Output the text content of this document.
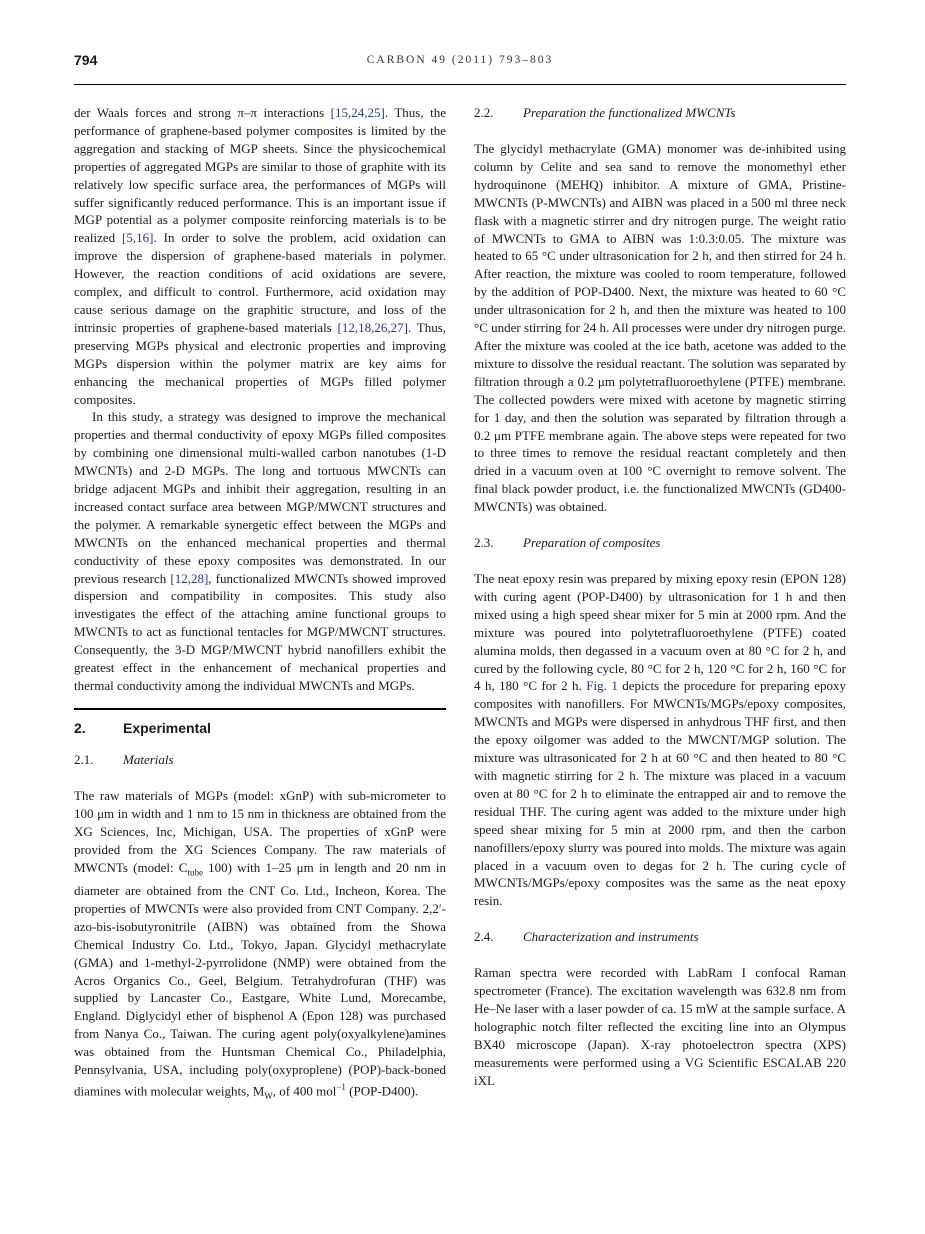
794	CARBON 49 (2011) 793–803

der Waals forces and strong π–π interactions [15,24,25]. Thus, the performance of graphene-based polymer composites is limited by the aggregation and stacking of MGP sheets. Since the physicochemical properties of aggregated MGPs are similar to those of graphite with its relatively low specific surface area, the performances of MGPs will suffer significantly reduced performance. This is an important issue if MGP potential as a polymer composite reinforcing materials is to be realized [5,16]. In order to solve the problem, acid oxidation can improve the dispersion of graphene-based materials in polymer. However, the reaction conditions of acid oxidations are severe, complex, and difficult to control. Furthermore, acid oxidation may cause serious damage on the graphitic structure, and loss of the intrinsic properties of graphene-based materials [12,18,26,27]. Thus, preserving MGPs physical and electronic properties and improving MGPs dispersion within the polymer matrix are key aims for enhancing the mechanical properties of MGPs filled polymer composites.

In this study, a strategy was designed to improve the mechanical properties and thermal conductivity of epoxy MGPs filled composites by combining one dimensional multi-walled carbon nanotubes (1-D MWCNTs) and 2-D MGPs. The long and tortuous MWCNTs can bridge adjacent MGPs and inhibit their aggregation, resulting in an increased contact surface area between MGP/MWCNT structures and the polymer. A remarkable synergetic effect between the MGPs and MWCNTs on the enhanced mechanical properties and thermal conductivity of these epoxy composites was demonstrated. In our previous research [12,28], functionalized MWCNTs showed improved dispersion and compatibility in composites. This study also investigates the effect of the attaching amine functional groups to MWCNTs to act as functional tentacles for MGP/MWCNT structures. Consequently, the 3-D MGP/MWCNT hybrid nanofillers exhibit the greatest effect in the enhancement of mechanical properties and thermal conductivity among the individual MWCNTs and MGPs.

2.	Experimental
2.1. Materials

The raw materials of MGPs (model: xGnP) with sub-micrometer to 100 μm in width and 1 nm to 15 nm in thickness are obtained from the XG Sciences, Inc, Michigan, USA. The properties of xGnP were provided from the XG Sciences Company. The raw materials of MWCNTs (model: $C_{tube}$ 100) with 1–25 μm in length and 20 nm in diameter are obtained from the CNT Co. Ltd., Incheon, Korea. The properties of MWCNTs were also provided from CNT Company. 2,2′-azo-bis-isobutyronitrile (AIBN) was obtained from the Showa Chemical Industry Co. Ltd., Tokyo, Japan. Glycidyl methacrylate (GMA) and 1-methyl-2-pyrrolidone (NMP) were obtained from the Acros Organics Co., Geel, Belgium. Tetrahydrofuran (THF) was supplied by Lancaster Co., Eastgare, White Lund, Morecambe, England. Diglycidyl ether of bisphenol A (Epon 128) was purchased from Nanya Co., Taiwan. The curing agent poly(oxyalkylene)amines was obtained from the Huntsman Chemical Co., Philadelphia, Pennsylvania, USA, including poly(oxyproplene) (POP)-back-boned diamines with molecular weights, $M_W$, of 400 mol$^{-1}$ (POP-D400).

2.2. Preparation the functionalized MWCNTs

The glycidyl methacrylate (GMA) monomer was de-inhibited using column by Celite and sea sand to remove the monomethyl ether hydroquinone (MEHQ) inhibitor. A mixture of GMA, Pristine-MWCNTs (P-MWCNTs) and AIBN was placed in a 500 ml three neck flask with a magnetic stirrer and dry nitrogen purge. The weight ratio of MWCNTs to GMA to AIBN was 1:0.3:0.05. The mixture was heated to 65 °C under ultrasonication for 2 h, and then stirred for 24 h. After reaction, the mixture was cooled to room temperature, followed by the addition of POP-D400. Next, the mixture was heated to 60 °C under ultrasonication for 2 h, and then the mixture was heated to 100 °C under stirring for 24 h. All processes were under dry nitrogen purge. After the mixture was cooled at the ice bath, acetone was added to the mixture to dissolve the residual reactant. The solution was separated by filtration through a 0.2 μm polytetrafluoroethylene (PTFE) membrane. The collected powders were mixed with acetone by magnetic stirring for 1 day, and then the solution was separated by filtration through a 0.2 μm PTFE membrane again. The above steps were repeated for two to three times to remove the residual reactant completely and then dried in a vacuum oven at 100 °C overnight to remove solvent. The final black powder product, i.e. the functionalized MWCNTs (GD400-MWCNTs) was obtained.

2.3. Preparation of composites

The neat epoxy resin was prepared by mixing epoxy resin (EPON 128) with curing agent (POP-D400) by ultrasonication for 1 h and then mixed using a high speed shear mixer for 5 min at 2000 rpm. And the mixture was poured into polytetrafluoroethylene (PTFE) coated alumina molds, then degassed in a vacuum oven at 80 °C for 2 h, and cured by the following cycle, 80 °C for 2 h, 120 °C for 2 h, 160 °C for 4 h, 180 °C for 2 h. Fig. 1 depicts the procedure for preparing epoxy composites with nanofillers. For MWCNTs/MGPs/epoxy composites, MWCNTs and MGPs were dispersed in anhydrous THF first, and then the epoxy oilgomer was added to the MWCNT/MGP solution. The mixture was ultrasonicated for 2 h at 60 °C and then heated to 80 °C with magnetic stirring for 2 h. The mixture was placed in a vacuum oven at 80 °C for 2 h to eliminate the entrapped air and to remove the residual THF. The curing agent was added to the mixture under high speed shear mixing for 5 min at 2000 rpm, and then the carbon nanofillers/epoxy slurry was poured into molds. The mixture was again placed in a vacuum oven to degas for 2 h. The curing cycle of MWCNTs/MGPs/epoxy composites was the same as the neat epoxy resin.

2.4. Characterization and instruments

Raman spectra were recorded with LabRam I confocal Raman spectrometer (France). The excitation wavelength was 632.8 nm from He–Ne laser with a laser powder of ca. 15 mW at the sample surface. A holographic notch filter reflected the exciting line into an Olympus BX40 microscope (Japan). X-ray photoelectron spectra (XPS) measurements were performed using a VG Scientific ESCALAB 220 iXL
